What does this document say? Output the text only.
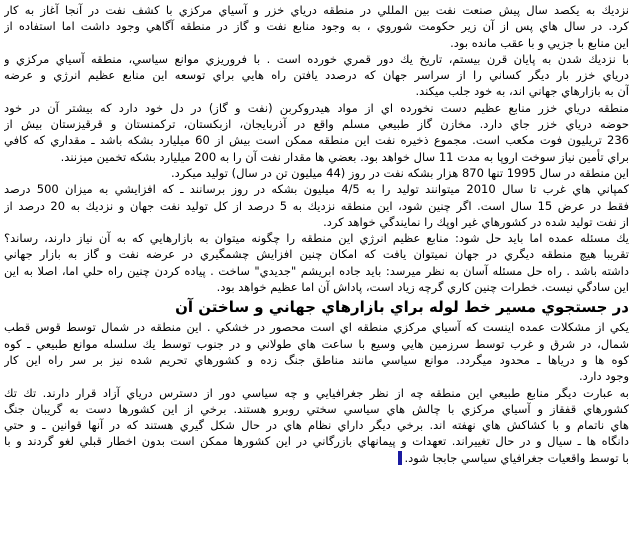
نزديك به يكصد سال پيش صنعت نفت بين المللي در منطقه درياي خزر و آسياي مركزي با كشف نفت در آنجا آغاز به كار
كرد. در سال هاي پس از آن زير حكومت شوروي ، به وجود منابع نفت و گاز در منطقه آگاهي وجود داشت اما استفاده از
اين منابع با جزيي و با عقب مانده بود.
با نزديك شدن به پايان قرن بيستم، تاريخ يك دور قمري خورده است . با فروريزي موانع سياسي، منطقه آسياي مركزي و
درياي خزر بار ديگر كساني را از سراسر جهان كه درصدد يافتن راه هايي براي توسعه اين منابع عظيم انرژي و عرضه
آن به بازارهاي جهاني اند، به خود جلب ميكند.
منطقه درياي خزر منابع عظيم دست نخورده اي از مواد هيدروكربن (نفت و گاز) در دل خود دارد كه بيشتر آن در خود
حوضه درياي خزر جاي دارد. مخازن گاز طبيعي مسلم واقع در آذربايجان، ازبكستان، تركمنستان و قرقيزستان بيش از
236 تريليون فوت مكعب است. مجموع ذخيره نفت اين منطقه ممكن است بيش از 60 ميليارد بشكه باشد ـ مقداري كه كافي
براي تأمين نياز سوخت اروپا به مدت 11 سال خواهد بود. بعضي ها مقدار نفت آن را به 200 ميليارد بشكه تخمين ميزنند.
اين منطقه در سال 1995 تنها 870 هزار بشكه نفت در روز (44 ميليون تن در سال) توليد ميكرد.
كمپاني هاي غرب تا سال 2010 ميتوانند توليد را به 4/5 ميليون بشكه در روز برسانند ـ كه افزايشي به ميزان 500 درصد
فقط در عرض 15 سال است. اگر چنين شود، اين منطقه نزديك به 5 درصد از كل توليد نفت جهان و نزديك به 20 درصد از
از نفت توليد شده در كشورهاي غير اوپك را نمايندگي خواهد كرد.
يك مسئله عمده اما بايد حل شود: منابع عظيم انرژي اين منطقه را چگونه ميتوان به بازارهايي كه به آن نياز دارند، رساند؟
تقريبا هيچ منطقه ديگري در جهان نميتوان يافت كه امكان چنين افزايش چشمگيري در عرضه نفت و گاز به بازار جهاني
داشته باشد . راه حل مسئله آسان به نظر ميرسد: بايد جاده ابريشم "جديدي" ساخت . پياده كردن چنين راه حلي اما، اصلا به اين
اين سادگي نيست. خطرات چنين كاري گرچه زياد است، پاداش آن اما عظيم خواهد بود.
در جستجوي مسير خط لوله براي بازارهاي جهاني و ساختن آن
يكي از مشكلات عمده اينست كه آسياي مركزي منطقه اي است محصور در خشكي . اين منطقه در شمال توسط قوس قطب
شمال، در شرق و غرب توسط سرزمين هايي وسيع با ساعت هاي طولاني و در جنوب توسط يك سلسله موانع طبيعي ـ كوه
كوه ها و درياها ـ محدود ميگردد. موانع سياسي مانند مناطق جنگ زده و كشورهاي تحريم شده نيز بر سر راه اين كار
وجود دارد.
به عبارت ديگر منابع طبيعي اين منطقه چه از نظر جغرافيايي و چه سياسي دور از دسترس درياي آزاد قرار دارند. تك تك
كشورهاي قفقاز و آسياي مركزي با چالش هاي سياسي سختي روبرو هستند. برخي از اين كشورها دست به گريبان جنگ
هاي ناتمام و با كشاكش هاي نهفته اند. برخي ديگر داراي نظام هاي در حال شكل گيري هستند كه در آنها قوانين ـ و حتي
دانگاه ها ـ سيال و در حال تغييراند. تعهدات و پيمانهاي بازرگاني در اين كشورها ممكن است بدون اخطار قبلي لغو گردند و با
با توسط واقعيات جغرافياي سياسي جابجا شود.
